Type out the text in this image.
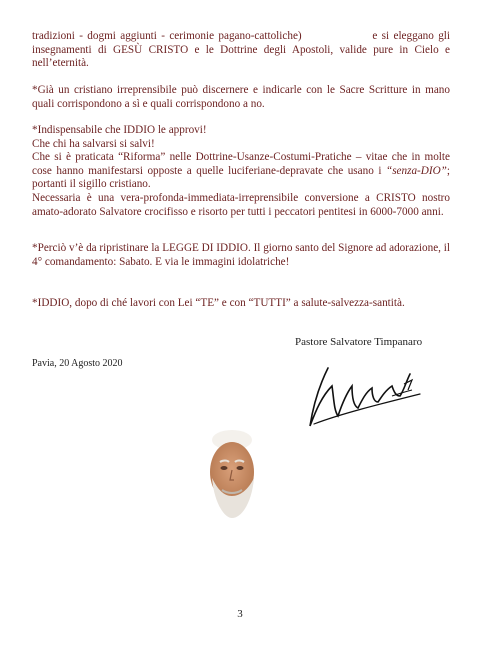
tradizioni - dogmi aggiunti - cerimonie pagano-cattoliche)	e si eleggano gli insegnamenti di GESÙ CRISTO e le Dottrine degli Apostoli, valide pure in Cielo e nell’eternità.

*Già un cristiano irreprensibile può discernere e indicarle con le Sacre Scritture in mano quali corrispondono a sì e quali corrispondono a no.

*Indispensabile che IDDIO le approvi!

Che chi ha salvarsi si salvi!

Che si è praticata “Riforma” nelle Dottrine-Usanze-Costumi-Pratiche – vitae che in molte cose hanno manifestarsi opposte a quelle luciferiane-depravate che usano i “senza-DIO”; portanti il sigillo cristiano.

Necessaria è una vera-profonda-immediata-irreprensibile conversione a CRISTO nostro amato-adorato Salvatore crocifisso e risorto per tutti i peccatori pentitesi in 6000-7000 anni.

*Perciò v’è da ripristinare la LEGGE DI IDDIO. Il giorno santo del Signore ad adorazione, il 4° comandamento: Sabato. E via le immagini idolatriche!

*IDDIO, dopo di ché lavori con Lei “TE” e con “TUTTI” a salute-salvezza-santità.

Pastore Salvatore Timpanaro
Pavia, 20 Agosto 2020
3
